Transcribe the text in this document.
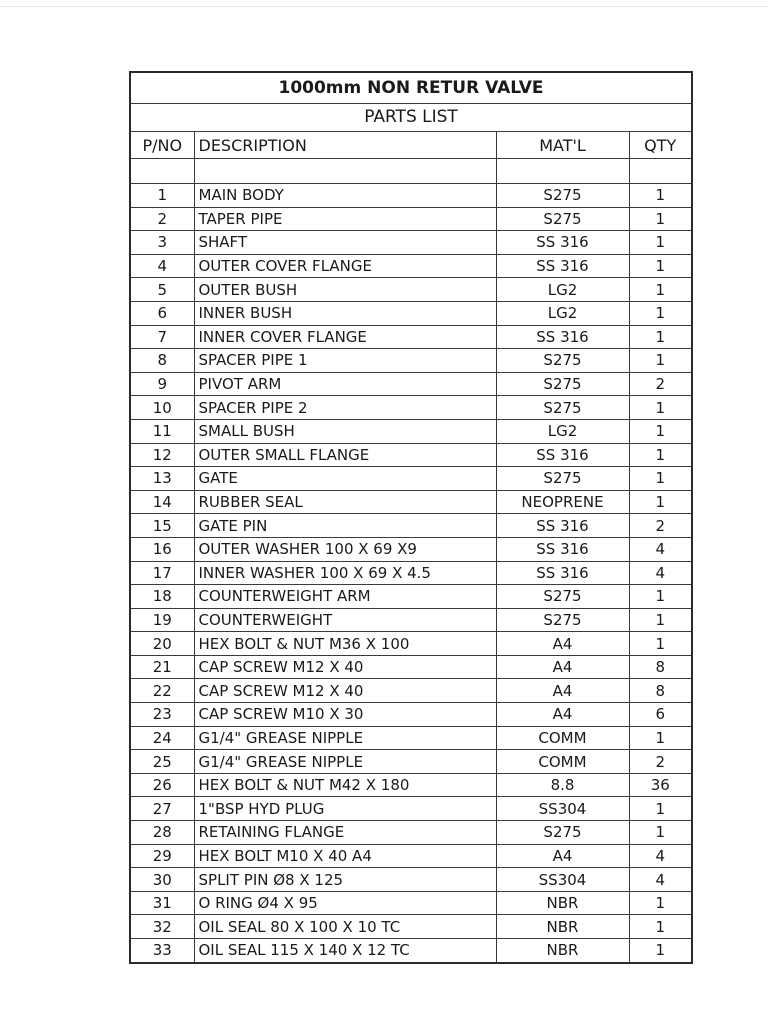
1000mm NON RETUR VALVE
PARTS LIST
P/NO	DESCRIPTION	MAT'L	QTY

1	MAIN BODY	S275	1
2	TAPER PIPE	S275	1
3	SHAFT	SS 316	1
4	OUTER COVER FLANGE	SS 316	1
5	OUTER BUSH	LG2	1
6	INNER BUSH	LG2	1
7	INNER COVER FLANGE	SS 316	1
8	SPACER PIPE 1	S275	1
9	PIVOT ARM	S275	2
10	SPACER PIPE 2	S275	1
11	SMALL BUSH	LG2	1
12	OUTER SMALL FLANGE	SS 316	1
13	GATE	S275	1
14	RUBBER SEAL	NEOPRENE	1
15	GATE PIN	SS 316	2
16	OUTER WASHER 100 X 69 X9	SS 316	4
17	INNER WASHER 100 X 69 X 4.5	SS 316	4
18	COUNTERWEIGHT ARM	S275	1
19	COUNTERWEIGHT	S275	1
20	HEX BOLT & NUT M36 X 100	A4	1
21	CAP SCREW M12 X 40	A4	8
22	CAP SCREW M12 X 40	A4	8
23	CAP SCREW M10 X 30	A4	6
24	G1/4" GREASE NIPPLE	COMM	1
25	G1/4" GREASE NIPPLE	COMM	2
26	HEX BOLT & NUT M42 X 180	8.8	36
27	1"BSP HYD PLUG	SS304	1
28	RETAINING FLANGE	S275	1
29	HEX BOLT M10 X 40 A4	A4	4
30	SPLIT PIN Ø8 X 125	SS304	4
31	O RING Ø4 X 95	NBR	1
32	OIL SEAL 80 X 100 X 10 TC	NBR	1
33	OIL SEAL 115 X 140 X 12 TC	NBR	1
